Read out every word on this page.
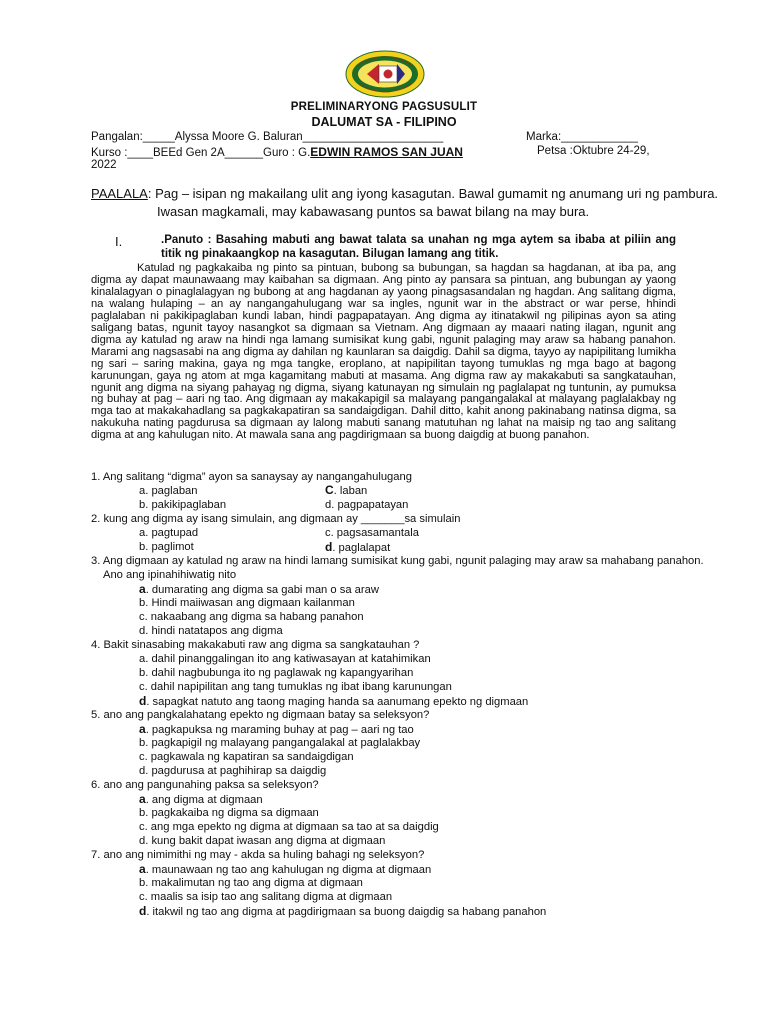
PRELIMINARYONG PAGSUSULIT
DALUMAT SA - FILIPINO
Pangalan:_____Alyssa Moore G. Baluran______________________	Marka:____________
Kurso :____BEEd Gen 2A______Guro : G.EDWIN RAMOS SAN JUAN	Petsa :Oktubre 24-29,
2022
PAALALA: Pag – isipan ng makailang ulit ang iyong kasagutan. Bawal gumamit ng anumang uri ng pambura.
Iwasan magkamali, may kabawasang puntos sa bawat bilang na may bura.
I.	.Panuto : Basahing mabuti ang bawat talata sa unahan ng mga aytem sa ibaba at piliin ang titik ng pinakaangkop na kasagutan. Bilugan lamang ang titik.
Katulad ng pagkakaiba ng pinto sa pintuan, bubong sa bubungan, sa hagdan sa hagdanan, at iba pa, ang digma ay dapat maunawaang may kaibahan sa digmaan. Ang pinto ay pansara sa pintuan, ang bubungan ay yaong kinalalagyan o pinaglalagyan ng bubong at ang hagdanan ay yaong pinagsasandalan ng hagdan. Ang salitang digma, na walang hulaping – an ay nangangahulugang war sa ingles, ngunit war in the abstract or war perse, hhindi paglalaban ni pakikipaglaban kundi laban, hindi pagpapatayan. Ang digma ay itinatakwil ng pilipinas ayon sa ating saligang batas, ngunit tayoy nasangkot sa digmaan sa Vietnam. Ang digmaan ay maaari nating ilagan, ngunit ang digma ay katulad ng araw na hindi nga lamang sumisikat kung gabi, ngunit palaging may araw sa habang panahon. Marami ang nagsasabi na ang digma ay dahilan ng kaunlaran sa daigdig. Dahil sa digma, tayyo ay napipilitang lumikha ng sari – saring makina, gaya ng mga tangke, eroplano, at napipilitan tayong tumuklas ng mga bago at bagong karunungan, gaya ng atom at mga kagamitang mabuti at masama. Ang digma raw ay makakabuti sa sangkatauhan, ngunit ang digma na siyang pahayag ng digma, siyang katunayan ng simulain ng paglalapat ng tuntunin, ay pumuksa ng buhay at pag – aari ng tao. Ang digmaan ay makakapigil sa malayang pangangalakal at malayang paglalakbay ng mga tao at makakahadlang sa pagkakapatiran sa sandaigdigan. Dahil ditto, kahit anong pakinabang natinsa digma, sa nakukuha nating pagdurusa sa digmaan ay lalong mabuti sanang matutuhan ng lahat na maisip ng tao ang salitang digma at ang kahulugan nito. At mawala sana ang pagdirigmaan sa buong daigdig at buong panahon.
1. Ang salitang “digma” ayon sa sanaysay ay nangangahulugang
a. paglaban	C. laban
b. pakikipaglaban	d. pagpapatayan
2. kung ang digma ay isang simulain, ang digmaan ay _______sa simulain
a. pagtupad	c. pagsasamantala
b. paglimot	d. paglalapat
3. Ang digmaan ay katulad ng araw na hindi lamang sumisikat kung gabi, ngunit palaging may araw sa mahabang panahon.
Ano ang ipinahihiwatig nito
a. dumarating ang digma sa gabi man o sa araw
b. Hindi maiiwasan ang digmaan kailanman
c. nakaabang ang digma sa habang panahon
d. hindi natatapos ang digma
4. Bakit sinasabing makakabuti raw ang digma sa sangkatauhan ?
a. dahil pinanggalingan ito ang katiwasayan at katahimikan
b. dahil nagbubunga ito ng paglawak ng kapangyarihan
c. dahil napipilitan ang tang tumuklas ng ibat ibang karunungan
d. sapagkat natuto ang taong maging handa sa aanumang epekto ng digmaan
5. ano ang pangkalahatang epekto ng digmaan batay sa seleksyon?
a. pagkapuksa ng maraming buhay at pag – aari ng tao
b. pagkapigil ng malayang pangangalakal at paglalakbay
c. pagkawala ng kapatiran sa sandaigdigan
d. pagdurusa at paghihirap sa daigdig
6. ano ang pangunahing paksa sa seleksyon?
a. ang digma at digmaan
b. pagkakaiba ng digma sa digmaan
c. ang mga epekto ng digma at digmaan sa tao at sa daigdig
d. kung bakit dapat iwasan ang digma at digmaan
7. ano ang nimimithi ng may - akda sa huling bahagi ng seleksyon?
a. maunawaan ng tao ang kahulugan ng digma at digmaan
b. makalimutan ng tao ang digma at digmaan
c. maalis sa isip tao ang salitang digma at digmaan
d. itakwil ng tao ang digma at pagdirigmaan sa buong daigdig sa habang panahon
